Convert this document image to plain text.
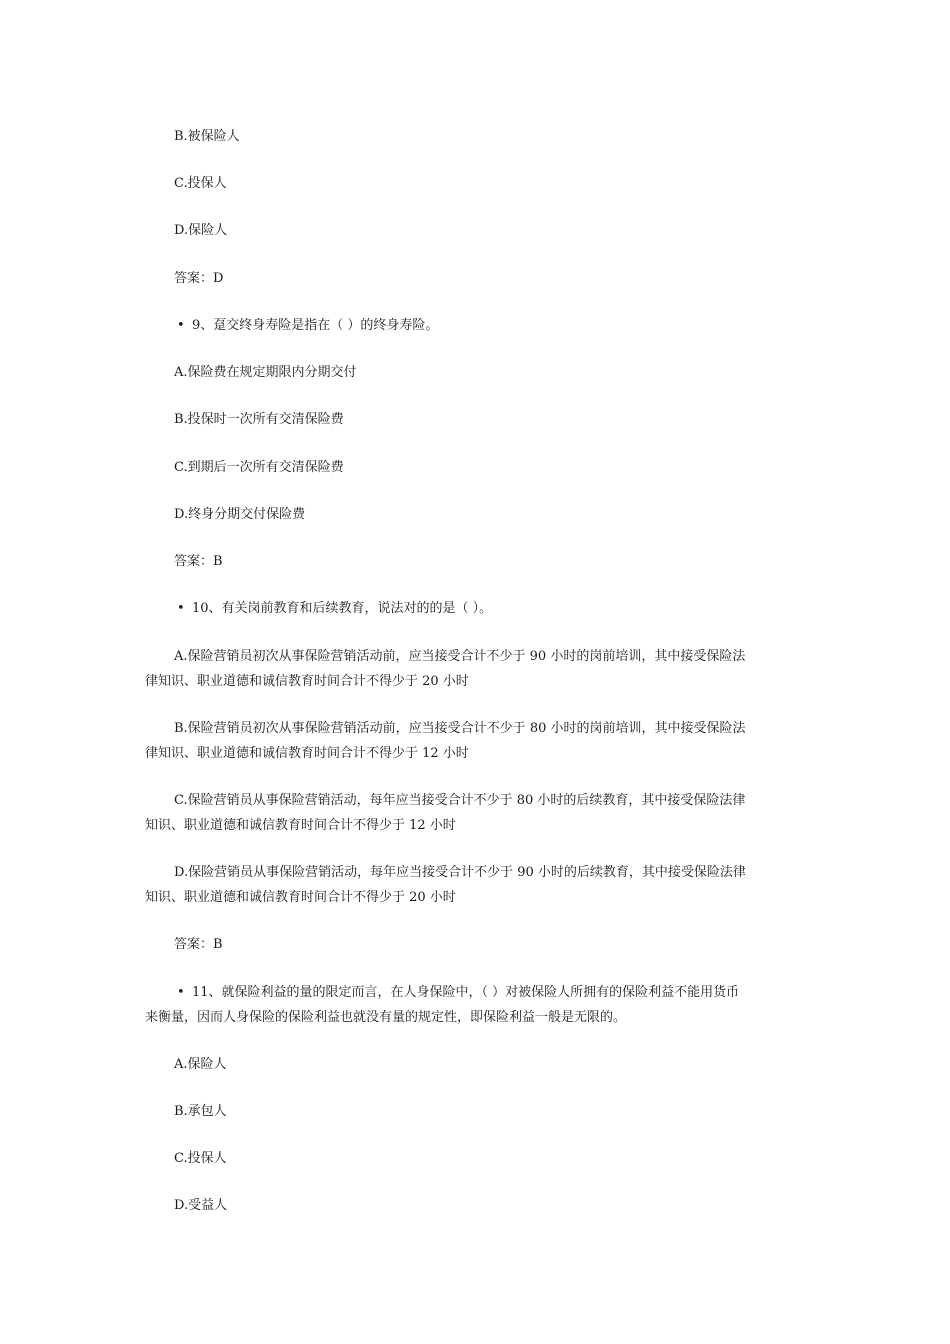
B.被保险人
C.投保人
D.保险人
答案：D
• 9、趸交终身寿险是指在（ ）的终身寿险。
A.保险费在规定期限内分期交付
B.投保时一次所有交清保险费
C.到期后一次所有交清保险费
D.终身分期交付保险费
答案：B
• 10、有关岗前教育和后续教育，说法对的的是（ ）。
A.保险营销员初次从事保险营销活动前，应当接受合计不少于 90 小时的岗前培训，其中接受保险法
律知识、职业道德和诚信教育时间合计不得少于 20 小时
B.保险营销员初次从事保险营销活动前，应当接受合计不少于 80 小时的岗前培训，其中接受保险法
律知识、职业道德和诚信教育时间合计不得少于 12 小时
C.保险营销员从事保险营销活动，每年应当接受合计不少于 80 小时的后续教育，其中接受保险法律
知识、职业道德和诚信教育时间合计不得少于 12 小时
D.保险营销员从事保险营销活动，每年应当接受合计不少于 90 小时的后续教育，其中接受保险法律
知识、职业道德和诚信教育时间合计不得少于 20 小时
答案：B
• 11、就保险利益的量的限定而言，在人身保险中，（ ）对被保险人所拥有的保险利益不能用货币
来衡量，因而人身保险的保险利益也就没有量的规定性，即保险利益一般是无限的。
A.保险人
B.承包人
C.投保人
D.受益人
